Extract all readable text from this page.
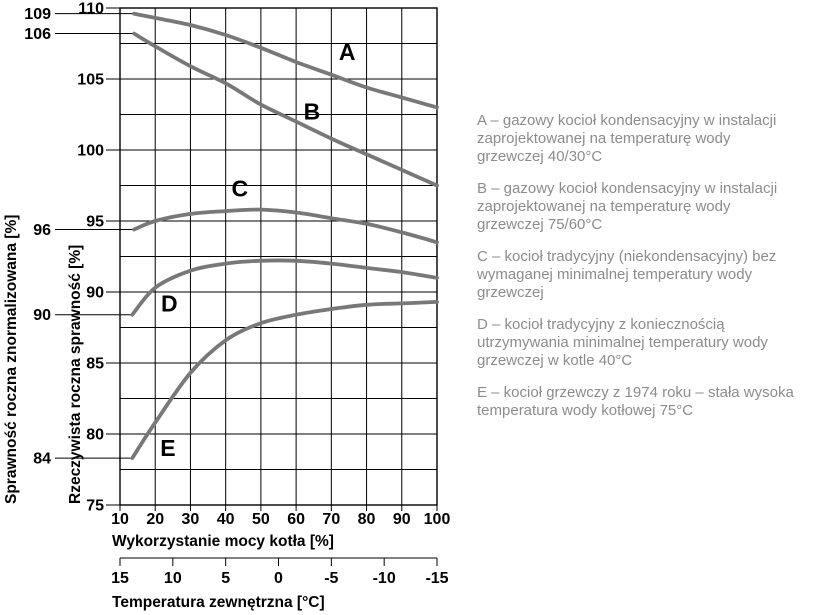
110
105
100
95
90
85
80
75
10 20 30 40 50 60 70 80 90 100
109
106
96
90
84
A
B
C
D
E
15 10 5	0	-5 -10 -15
Sprawność roczna znormalizowana [%]	Rzeczywista roczna sprawność [%]
Wykorzystanie mocy kotła [%]
Temperatura zewnętrzna [°C]
A – gazowy kocioł kondensacyjny w instalacji
zaprojektowanej na temperaturę wody
grzewczej 40/30°C
B – gazowy kocioł kondensacyjny w instalacji
zaprojektowanej na temperaturę wody
grzewczej 75/60°C
C – kocioł tradycyjny (niekondensacyjny) bez
wymaganej minimalnej temperatury wody
grzewczej
D – kocioł tradycyjny z koniecznością
utrzymywania minimalnej temperatury wody
grzewczej w kotle 40°C
E – kocioł grzewczy z 1974 roku – stała wysoka
temperatura wody kotłowej 75°C
